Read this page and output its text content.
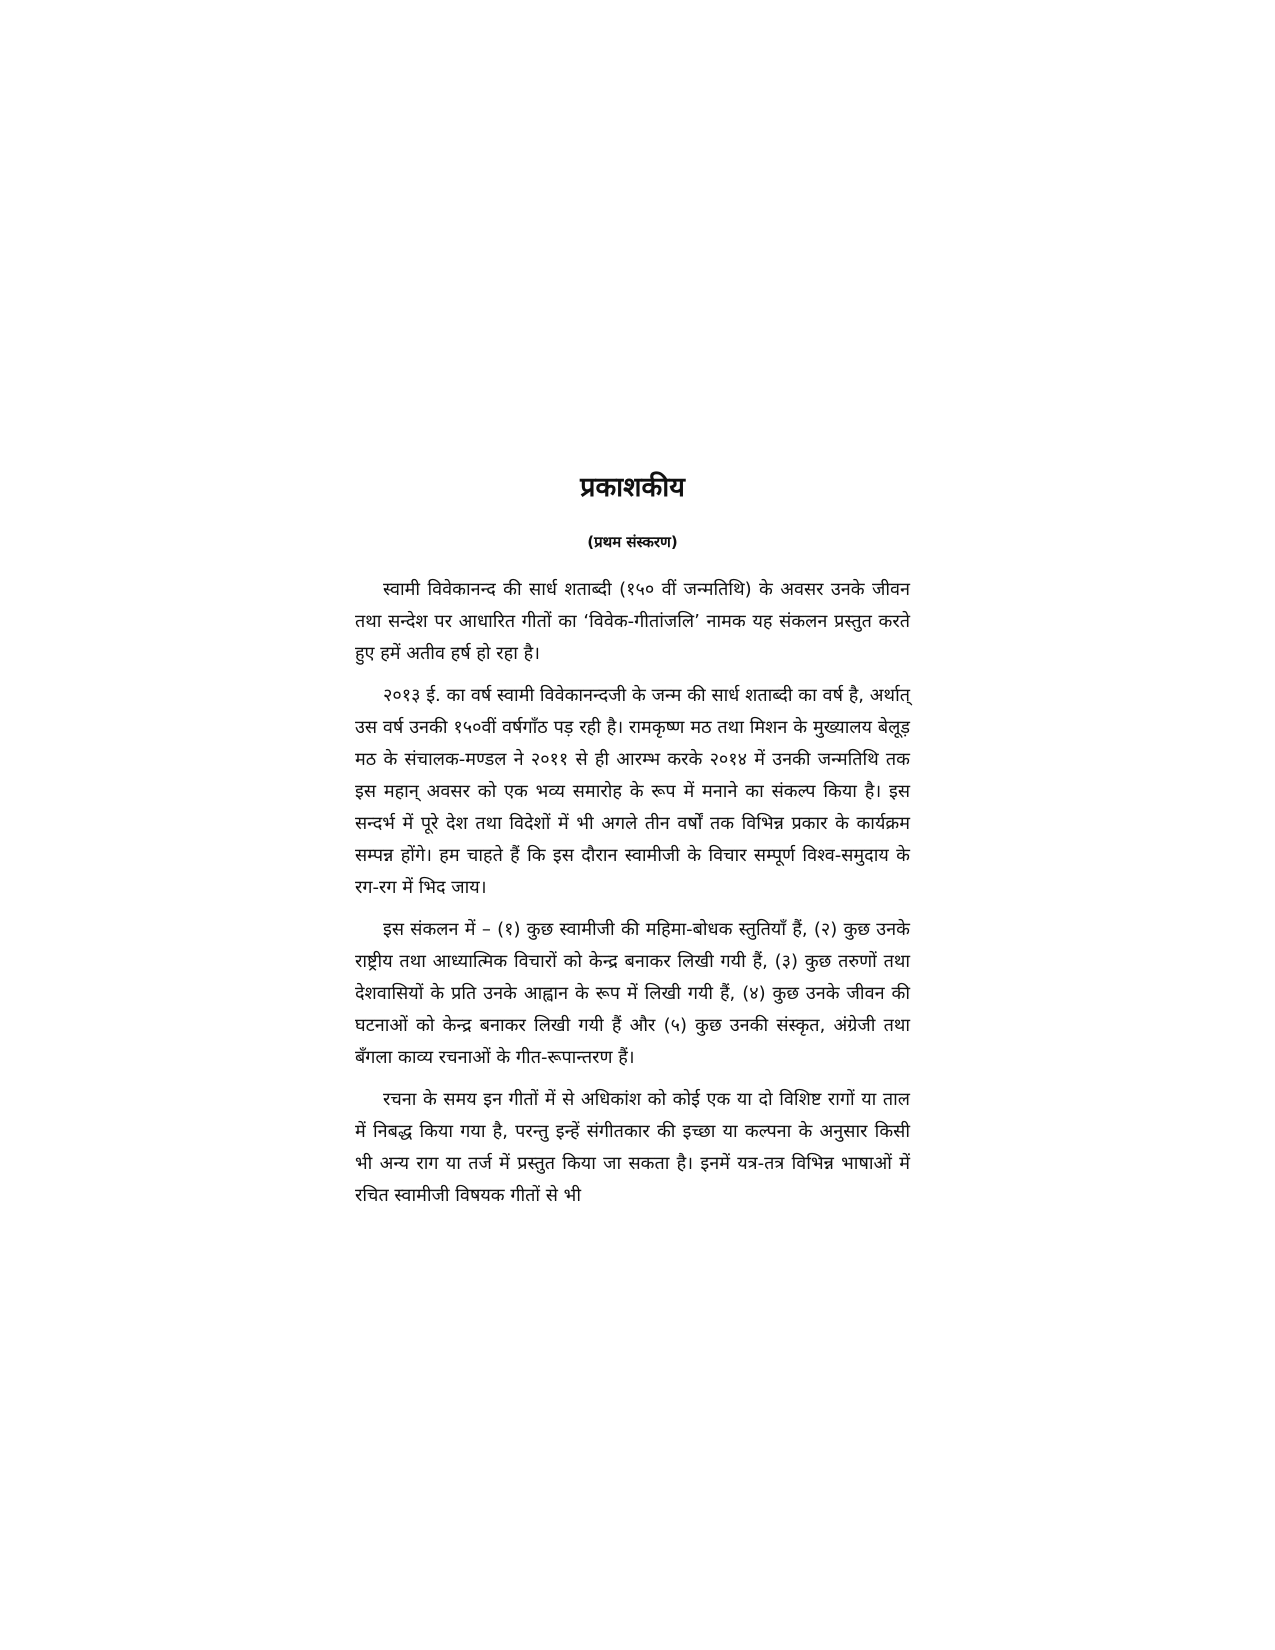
प्रकाशकीय
(प्रथम संस्करण)

स्वामी विवेकानन्द की सार्ध शताब्दी (१५० वीं जन्मतिथि) के अवसर उनके जीवन तथा सन्देश पर आधारित गीतों का ‘विवेक-गीतांजलि’ नामक यह संकलन प्रस्तुत करते हुए हमें अतीव हर्ष हो रहा है।

२०१३ ई. का वर्ष स्वामी विवेकानन्दजी के जन्म की सार्ध शताब्दी का वर्ष है, अर्थात् उस वर्ष उनकी १५०वीं वर्षगाँठ पड़ रही है। रामकृष्ण मठ तथा मिशन के मुख्यालय बेलूड़ मठ के संचालक-मण्डल ने २०११ से ही आरम्भ करके २०१४ में उनकी जन्मतिथि तक इस महान् अवसर को एक भव्य समारोह के रूप में मनाने का संकल्प किया है। इस सन्दर्भ में पूरे देश तथा विदेशों में भी अगले तीन वर्षों तक विभिन्न प्रकार के कार्यक्रम सम्पन्न होंगे। हम चाहते हैं कि इस दौरान स्वामीजी के विचार सम्पूर्ण विश्व-समुदाय के रग-रग में भिद जाय।

इस संकलन में – (१) कुछ स्वामीजी की महिमा-बोधक स्तुतियाँ हैं, (२) कुछ उनके राष्ट्रीय तथा आध्यात्मिक विचारों को केन्द्र बनाकर लिखी गयी हैं, (३) कुछ तरुणों तथा देशवासियों के प्रति उनके आह्वान के रूप में लिखी गयी हैं, (४) कुछ उनके जीवन की घटनाओं को केन्द्र बनाकर लिखी गयी हैं और (५) कुछ उनकी संस्कृत, अंग्रेजी तथा बँगला काव्य रचनाओं के गीत-रूपान्तरण हैं।

रचना के समय इन गीतों में से अधिकांश को कोई एक या दो विशिष्ट रागों या ताल में निबद्ध किया गया है, परन्तु इन्हें संगीतकार की इच्छा या कल्पना के अनुसार किसी भी अन्य राग या तर्ज में प्रस्तुत किया जा सकता है। इनमें यत्र-तत्र विभिन्न भाषाओं में रचित स्वामीजी विषयक गीतों से भी
